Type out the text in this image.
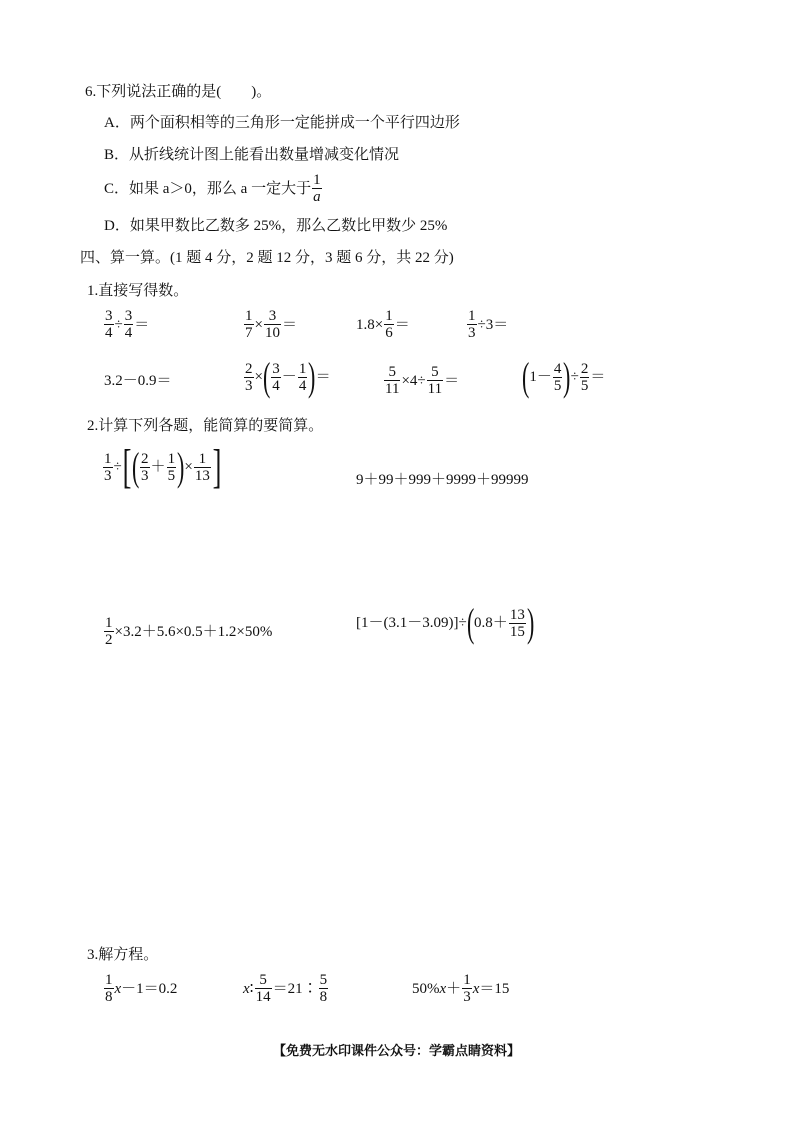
6.下列说法正确的是(　　)。
A．两个面积相等的三角形一定能拼成一个平行四边形
B．从折线统计图上能看出数量增减变化情况
C．如果 a＞0，那么 a 一定大于 $\frac{1}{a}$
D．如果甲数比乙数多 25%，那么乙数比甲数少 25%
四、算一算。(1 题 4 分，2 题 12 分，3 题 6 分，共 22 分)
1.直接写得数。
$\frac{3}{4} \div \frac{3}{4}$ ＝	$\frac{1}{7} \times \frac{3}{10}$ ＝	$1.8\times \frac{1}{6}$ ＝	$\frac{1}{3} \div 3=$
3.2－0.9＝	$\frac{2}{3}$ × ( $\frac{3}{4} - \frac{1}{4}$ ) ＝	$\frac{5}{11} \times 4\div \frac{5}{11}$ ＝ ( $1- \frac{4}{5}$ ) ÷ $\frac{2}{5}$ ＝
2.计算下列各题，能简算的要简算。
$\frac{1}{3}$ ÷ [ ( $\frac{2}{3} + \frac{1}{5}$ ) × $\frac{1}{13}$ ]	9＋99＋999＋9999＋99999
$\frac{1}{2} \times 3.2+5.6\times 0.5+1.2\times 50\%$
[1－(3.1－3.09)]÷ ( $0.8+ \frac{13}{15}$ )
3.解方程。
$\frac{1}{8}$ x －1＝0.2	x ∶ $\frac{5}{14}$ ＝21∶ $\frac{5}{8}$	50% $x + \frac{1}{3}$ x ＝15
【免费无水印课件公众号：学霸点睛资料】
